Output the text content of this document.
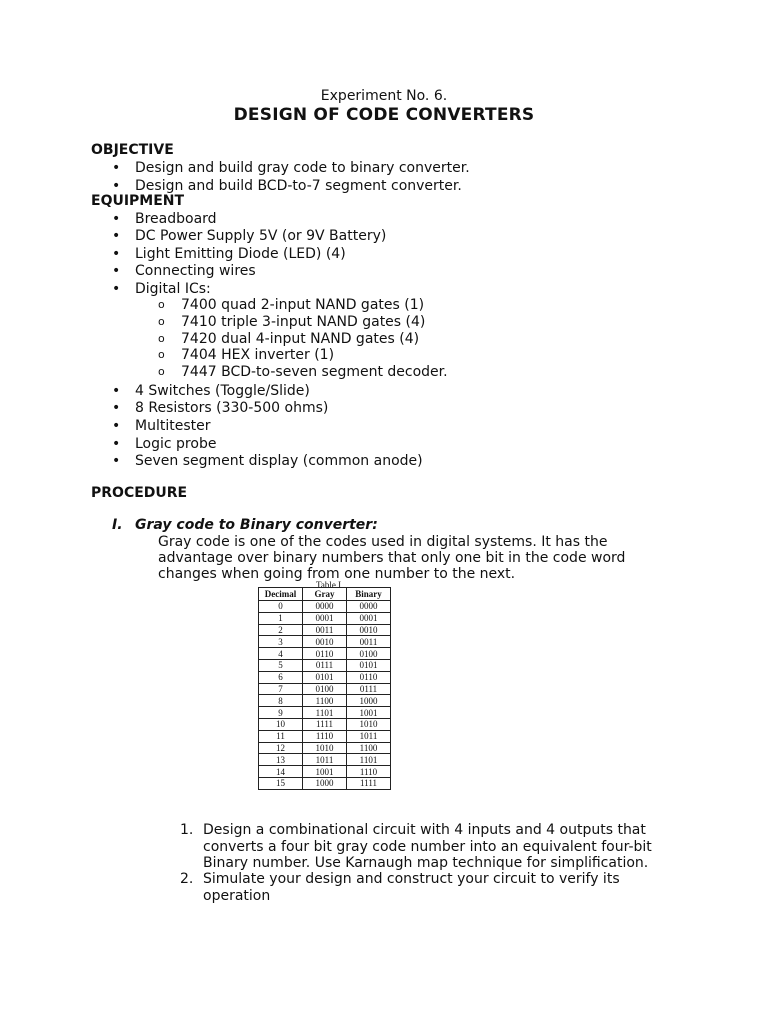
Experiment No. 6.
DESIGN OF CODE CONVERTERS
OBJECTIVE
• Design and build gray code to binary converter.
• Design and build BCD-to-7 segment converter.
EQUIPMENT
• Breadboard
• DC Power Supply 5V (or 9V Battery)
• Light Emitting Diode (LED) (4)
• Connecting wires
• Digital ICs:
o 7400 quad 2-input NAND gates (1)
o 7410 triple 3-input NAND gates (4)
o 7420 dual 4-input NAND gates (4)
o 7404 HEX inverter (1)
o 7447 BCD-to-seven segment decoder.
• 4 Switches (Toggle/Slide)
• 8 Resistors (330-500 ohms)
• Multitester
• Logic probe
• Seven segment display (common anode)
PROCEDURE
I. Gray code to Binary converter:
Gray code is one of the codes used in digital systems. It has the
advantage over binary numbers that only one bit in the code word
changes when going from one number to the next.
Table I
Decimal	Gray	Binary
0	0000	0000
1	0001	0001
2	0011	0010
3	0010	0011
4	0110	0100
5	0111	0101
6	0101	0110
7	0100	0111
8	1100	1000
9	1101	1001
10	1111	1010
11	1110	1011
12	1010	1100
13	1011	1101
14	1001	1110
15	1000	1111
1. Design a combinational circuit with 4 inputs and 4 outputs that
converts a four bit gray code number into an equivalent four-bit
Binary number. Use Karnaugh map technique for simplification.
2. Simulate your design and construct your circuit to verify its
operation
